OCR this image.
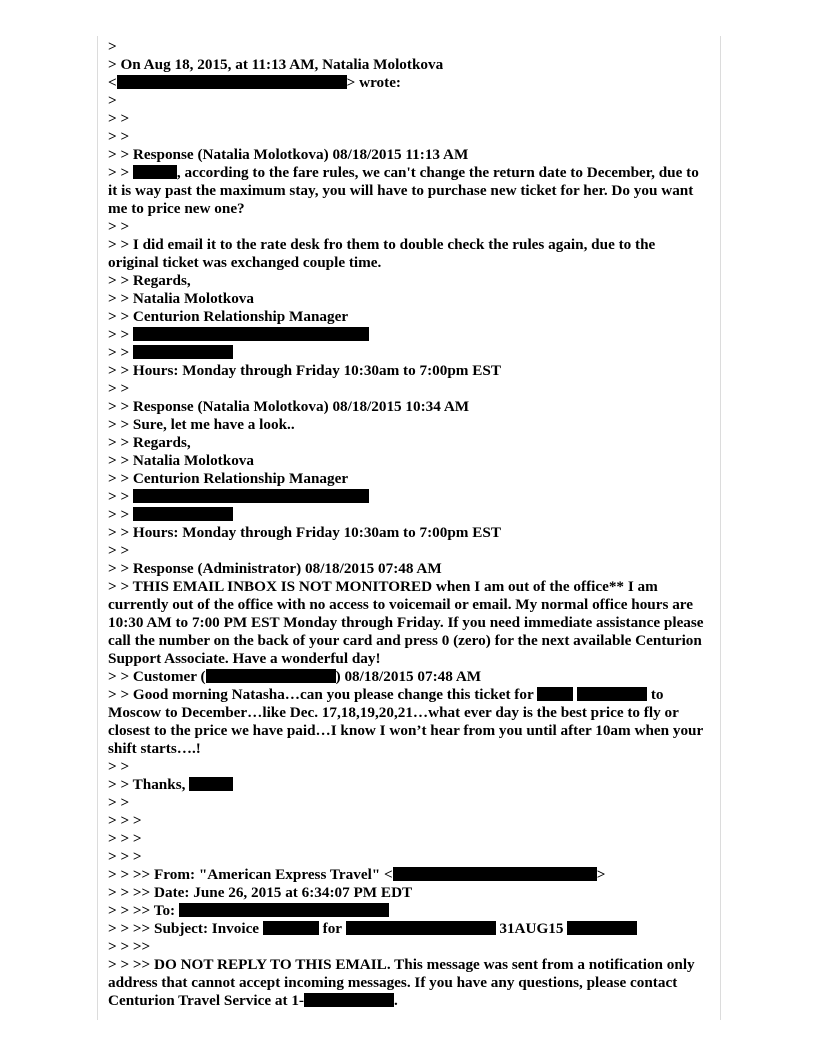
>
> On Aug 18, 2015, at 11:13 AM, Natalia Molotkova
<	> wrote:
>
> >
> >
> > Response (Natalia Molotkova) 08/18/2015 11:13 AM
> >	, according to the fare rules, we can't change the return date to December, due to it is way past the maximum stay, you will have to purchase new ticket for her. Do you want me to price new one?
> >
> > I did email it to the rate desk fro them to double check the rules again, due to the original ticket was exchanged couple time.
> > Regards,
> > Natalia Molotkova
> > Centurion Relationship Manager
> >
> >
> > Hours: Monday through Friday 10:30am to 7:00pm EST
> >
> > Response (Natalia Molotkova) 08/18/2015 10:34 AM
> > Sure, let me have a look..
> > Regards,
> > Natalia Molotkova
> > Centurion Relationship Manager
> >
> >
> > Hours: Monday through Friday 10:30am to 7:00pm EST
> >
> > Response (Administrator) 08/18/2015 07:48 AM
> > THIS EMAIL INBOX IS NOT MONITORED when I am out of the office** I am currently out of the office with no access to voicemail or email. My normal office hours are 10:30 AM to 7:00 PM EST Monday through Friday. If you need immediate assistance please call the number on the back of your card and press 0 (zero) for the next available Centurion Support Associate. Have a wonderful day!
> > Customer (	) 08/18/2015 07:48 AM
> > Good morning Natasha…can you please change this ticket for	to Moscow to December…like Dec. 17,18,19,20,21…what ever day is the best price to fly or closest to the price we have paid…I know I won’t hear from you until after 10am when your shift starts….!
> >
> > Thanks,
> >
> > >
> > >
> > >
> > >> From: "American Express Travel" <	>
> > >> Date: June 26, 2015 at 6:34:07 PM EDT
> > >> To:
> > >> Subject: Invoice	for	31AUG15
> > >>
> > >> DO NOT REPLY TO THIS EMAIL. This message was sent from a notification only address that cannot accept incoming messages. If you have any questions, please contact Centurion Travel Service at 1-	.
